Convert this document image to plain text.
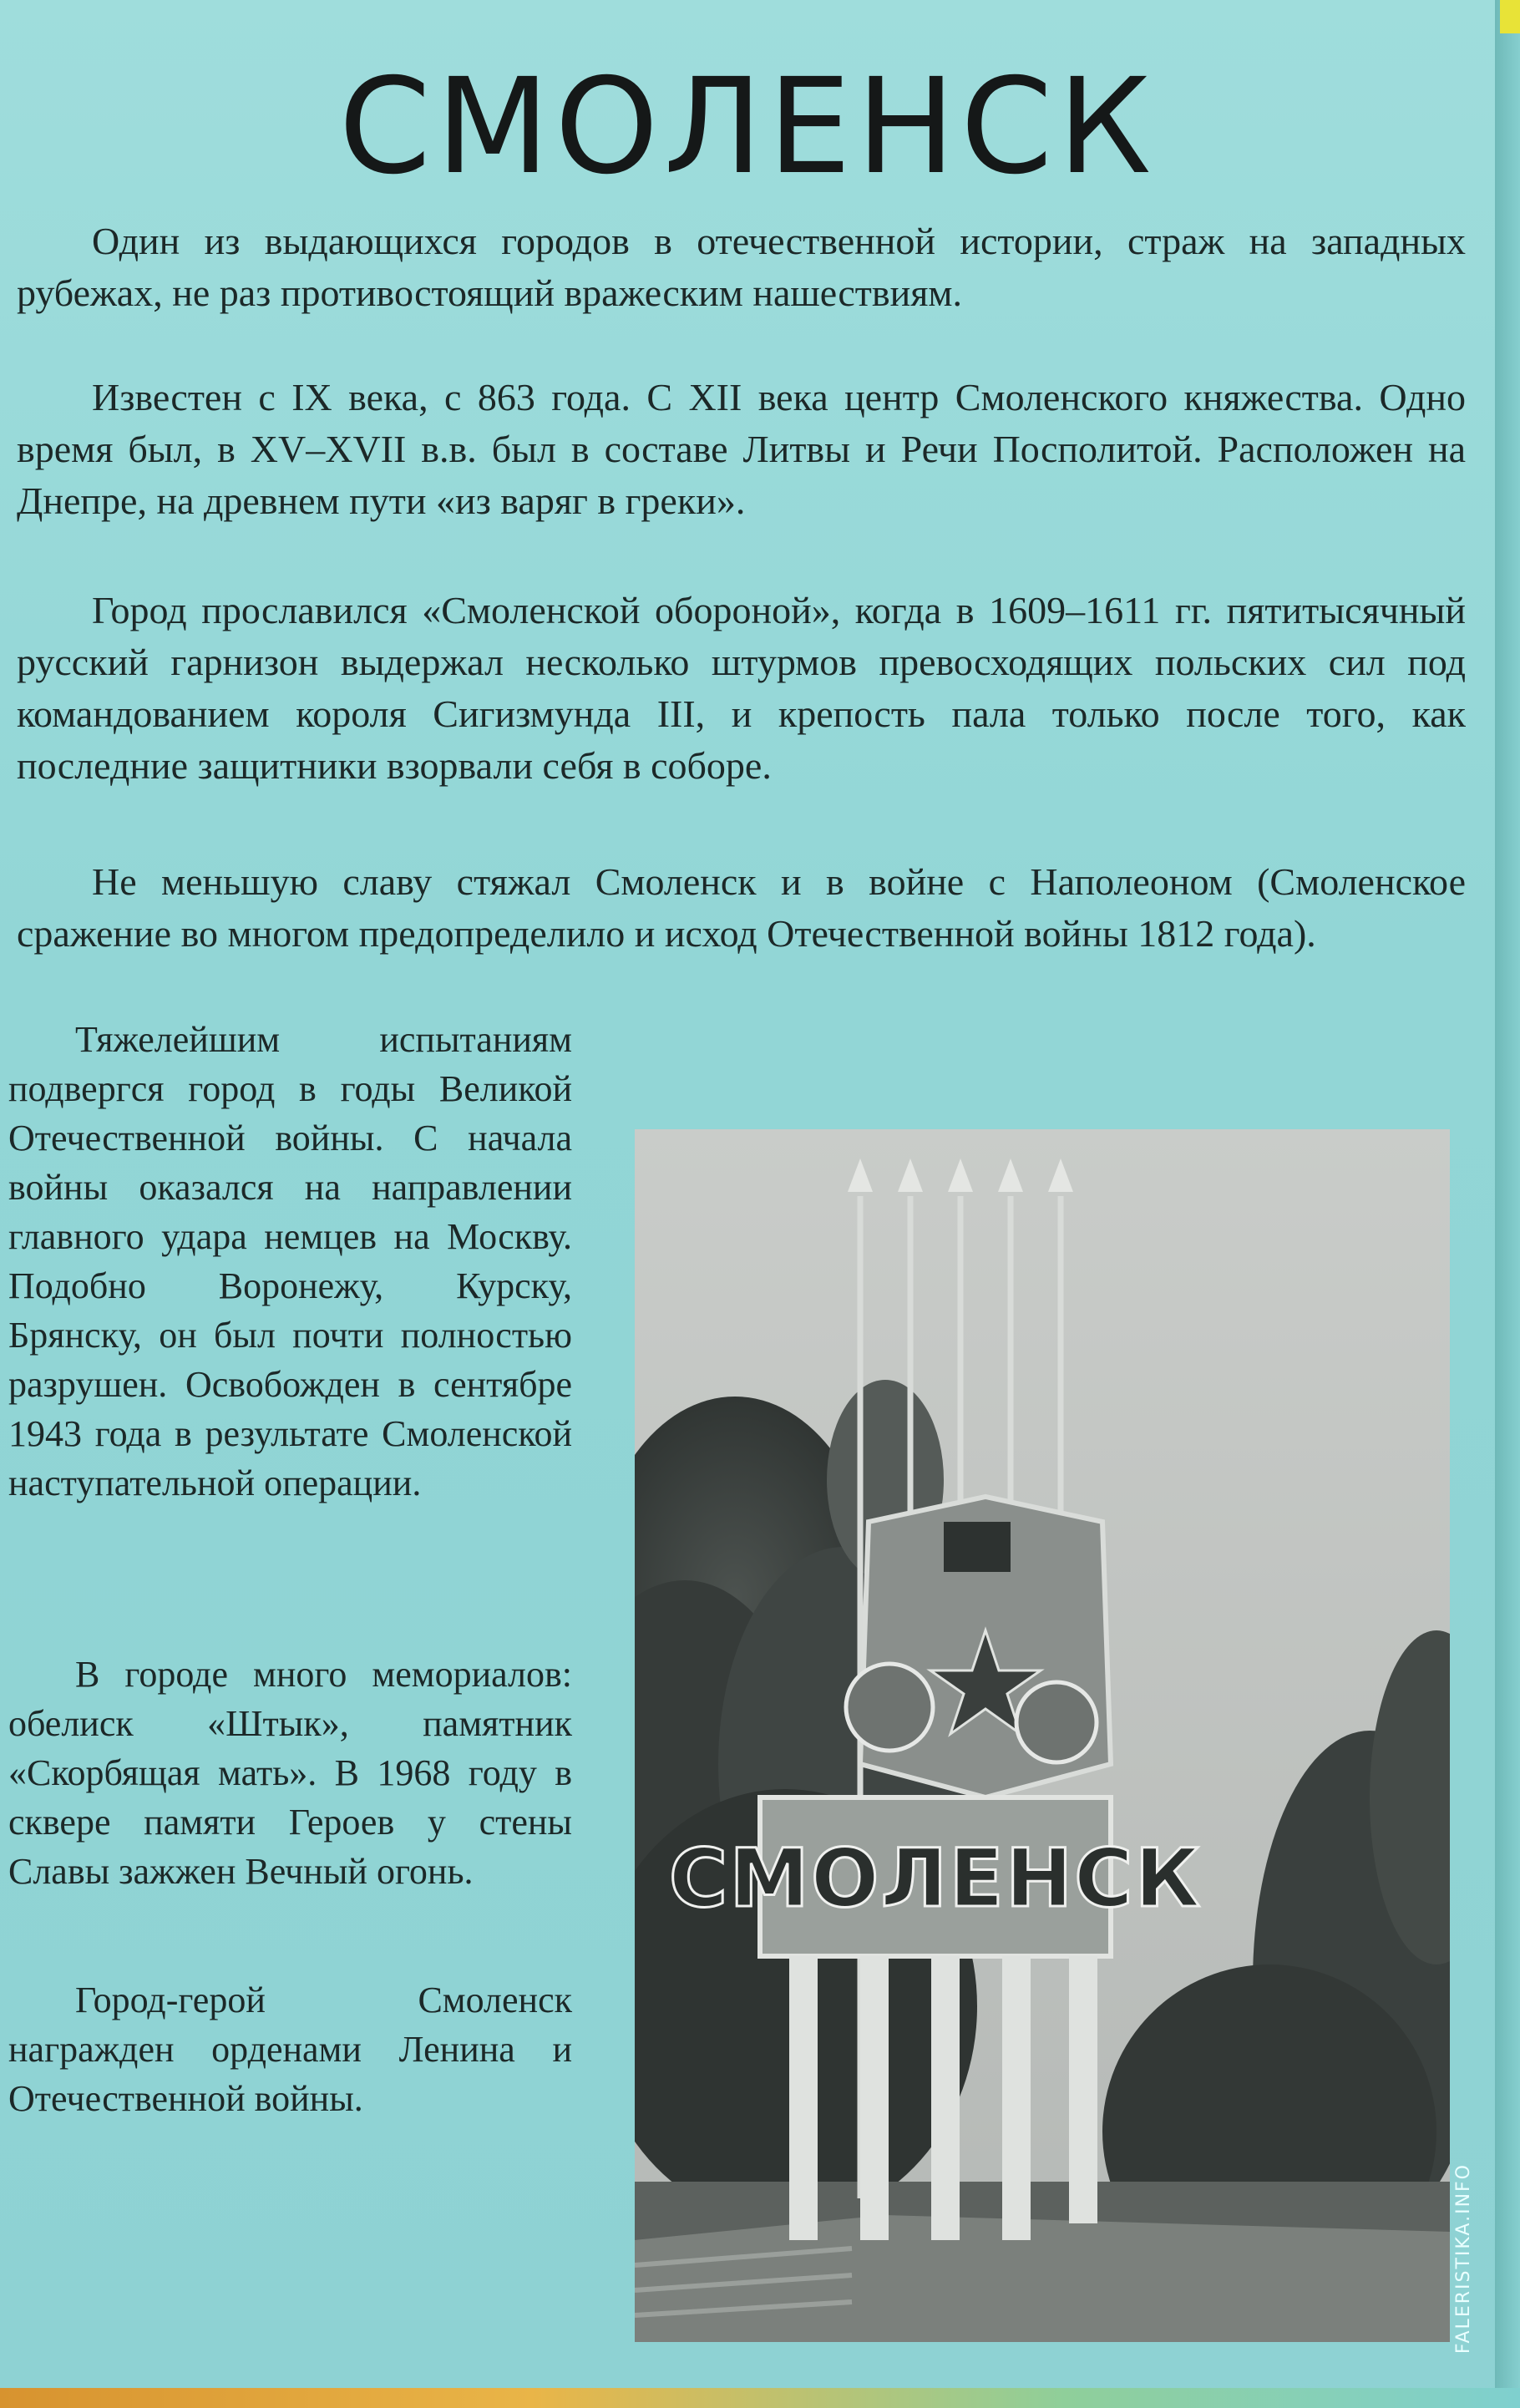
СМОЛЕНСК

Один из выдающихся городов в отечественной истории, страж на западных рубежах, не раз противостоящий вражеским нашествиям.

Известен с IX века, с 863 года. С XII века центр Смоленского княжества. Одно время был, в XV–XVII в.в. был в составе Литвы и Речи Посполитой. Расположен на Днепре, на древнем пути «из варяг в греки».

Город прославился «Смоленской обороной», когда в 1609–1611 гг. пятитысячный русский гарнизон выдержал несколько штурмов превосходящих польских сил под командованием короля Сигизмунда III, и крепость пала только после того, как последние защитники взорвали себя в соборе.

Не меньшую славу стяжал Смоленск и в войне с Наполеоном (Смоленское сражение во многом предопределило и исход Отечественной войны 1812 года).

Тяжелейшим испытаниям подвергся город в годы Великой Отечественной войны. С начала войны оказался на направлении главного удара немцев на Москву. Подобно Воронежу, Курску, Брянску, он был почти полностью разрушен. Освобожден в сентябре 1943 года в результате Смоленской наступательной операции.

В городе много мемориалов: обелиск «Штык», памятник «Скорбящая мать». В 1968 году в сквере памяти Героев у стены Славы зажжен Вечный огонь.

Город-герой Смоленск награжден орденами Ленина и Отечественной войны.

СМОЛЕНСК
FALERISTIKA.INFO
